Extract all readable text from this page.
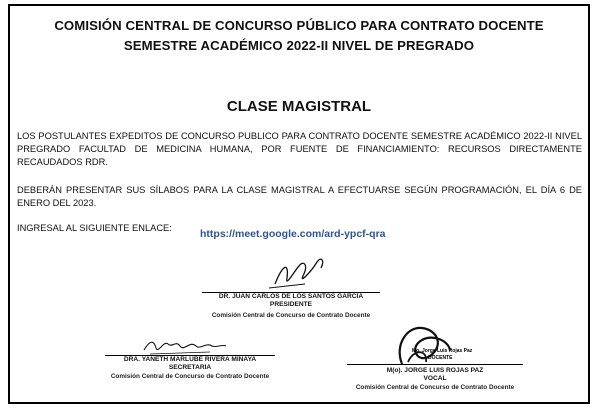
COMISIÓN CENTRAL DE CONCURSO PÚBLICO PARA CONTRATO DOCENTE
SEMESTRE ACADÉMICO 2022-II NIVEL DE PREGRADO
CLASE MAGISTRAL
LOS POSTULANTES EXPEDITOS DE CONCURSO PUBLICO PARA CONTRATO DOCENTE SEMESTRE ACADÉMICO 2022-II NIVEL PREGRADO FACULTAD DE MEDICINA HUMANA, POR FUENTE DE FINANCIAMIENTO: RECURSOS DIRECTAMENTE RECAUDADOS RDR.
DEBERÁN PRESENTAR SUS SÍLABOS PARA LA CLASE MAGISTRAL A EFECTUARSE SEGÚN PROGRAMACIÓN, EL DÍA 6 DE ENERO DEL 2023.
INGRESAL AL SIGUIENTE ENLACE:	https://meet.google.com/ard-ypcf-qra
DR. JUAN CARLOS DE LOS SANTOS GARCÍA
PRESIDENTE
Comisión Central de Concurso de Contrato Docente
DRA. YANETH MARLUBE RIVERA MINAYA
SECRETARIA
Comisión Central de Concurso de Contrato Docente
Mo. Jorge Luis Rojas Paz
DOCENTE
M(o). JORGE LUIS ROJAS PAZ
VOCAL
Comisión Central de Concurso de Contrato Docente
